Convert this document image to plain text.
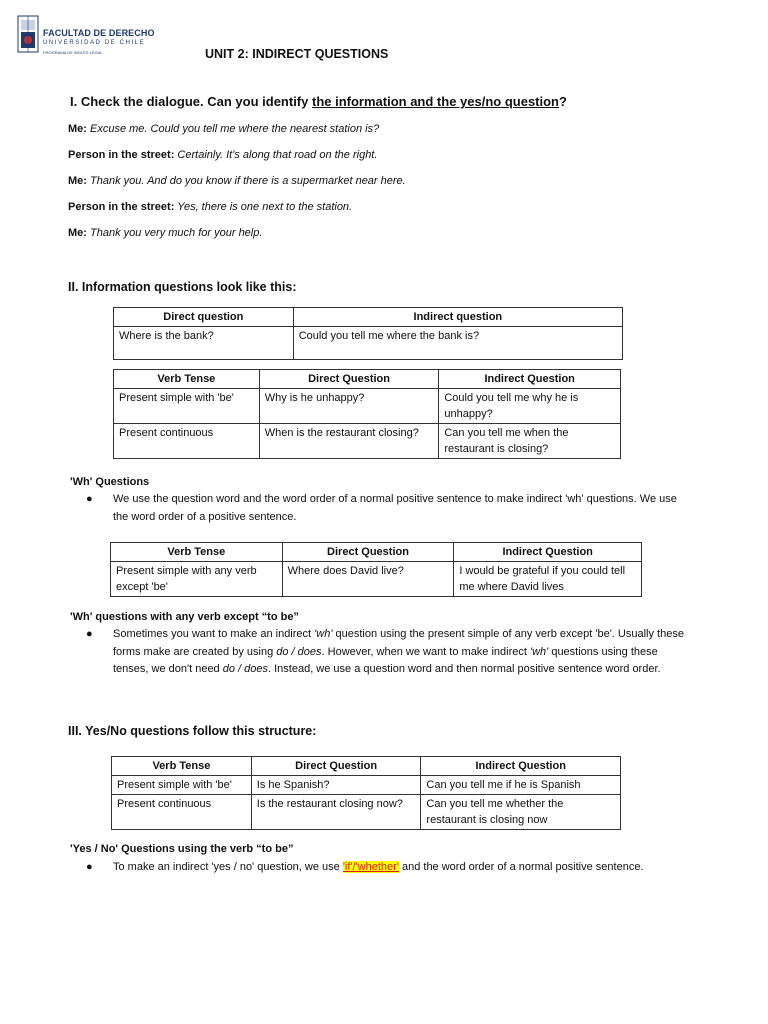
FACULTAD DE DERECHO
UNIVERSIDAD DE CHILE
PROGRAMA DE INGLÉS LEGAL	UNIT 2: INDIRECT QUESTIONS
I. Check the dialogue. Can you identify the information and the yes/no question?
Me: Excuse me. Could you tell me where the nearest station is?
Person in the street: Certainly. It's along that road on the right.
Me: Thank you. And do you know if there is a supermarket near here.
Person in the street: Yes, there is one next to the station.
Me: Thank you very much for your help.
II. Information questions look like this:
Direct question	Indirect question
Where is the bank?	Could you tell me where the bank is?
Verb Tense	Direct Question	Indirect Question
Present simple with 'be'	Why is he unhappy?	Could you tell me why he is unhappy?
Present continuous	When is the restaurant closing?	Can you tell me when the restaurant is closing?
'Wh' Questions
● We use the question word and the word order of a normal positive sentence to make indirect 'wh' questions. We use the word order of a positive sentence.
Verb Tense	Direct Question	Indirect Question
Present simple with any verb except 'be'	Where does David live?	I would be grateful if you could tell me where David lives
'Wh' questions with any verb except “to be”
● Sometimes you want to make an indirect 'wh' question using the present simple of any verb except 'be'. Usually these forms make are created by using do / does. However, when we want to make indirect 'wh' questions using these tenses, we don't need do / does. Instead, we use a question word and then normal positive sentence word order.
III. Yes/No questions follow this structure:
Verb Tense	Direct Question	Indirect Question
Present simple with 'be'	Is he Spanish?	Can you tell me if he is Spanish
Present continuous	Is the restaurant closing now?	Can you tell me whether the restaurant is closing now
'Yes / No' Questions using the verb “to be”
● To make an indirect 'yes / no' question, we use 'if'/'whether' and the word order of a normal positive sentence.
